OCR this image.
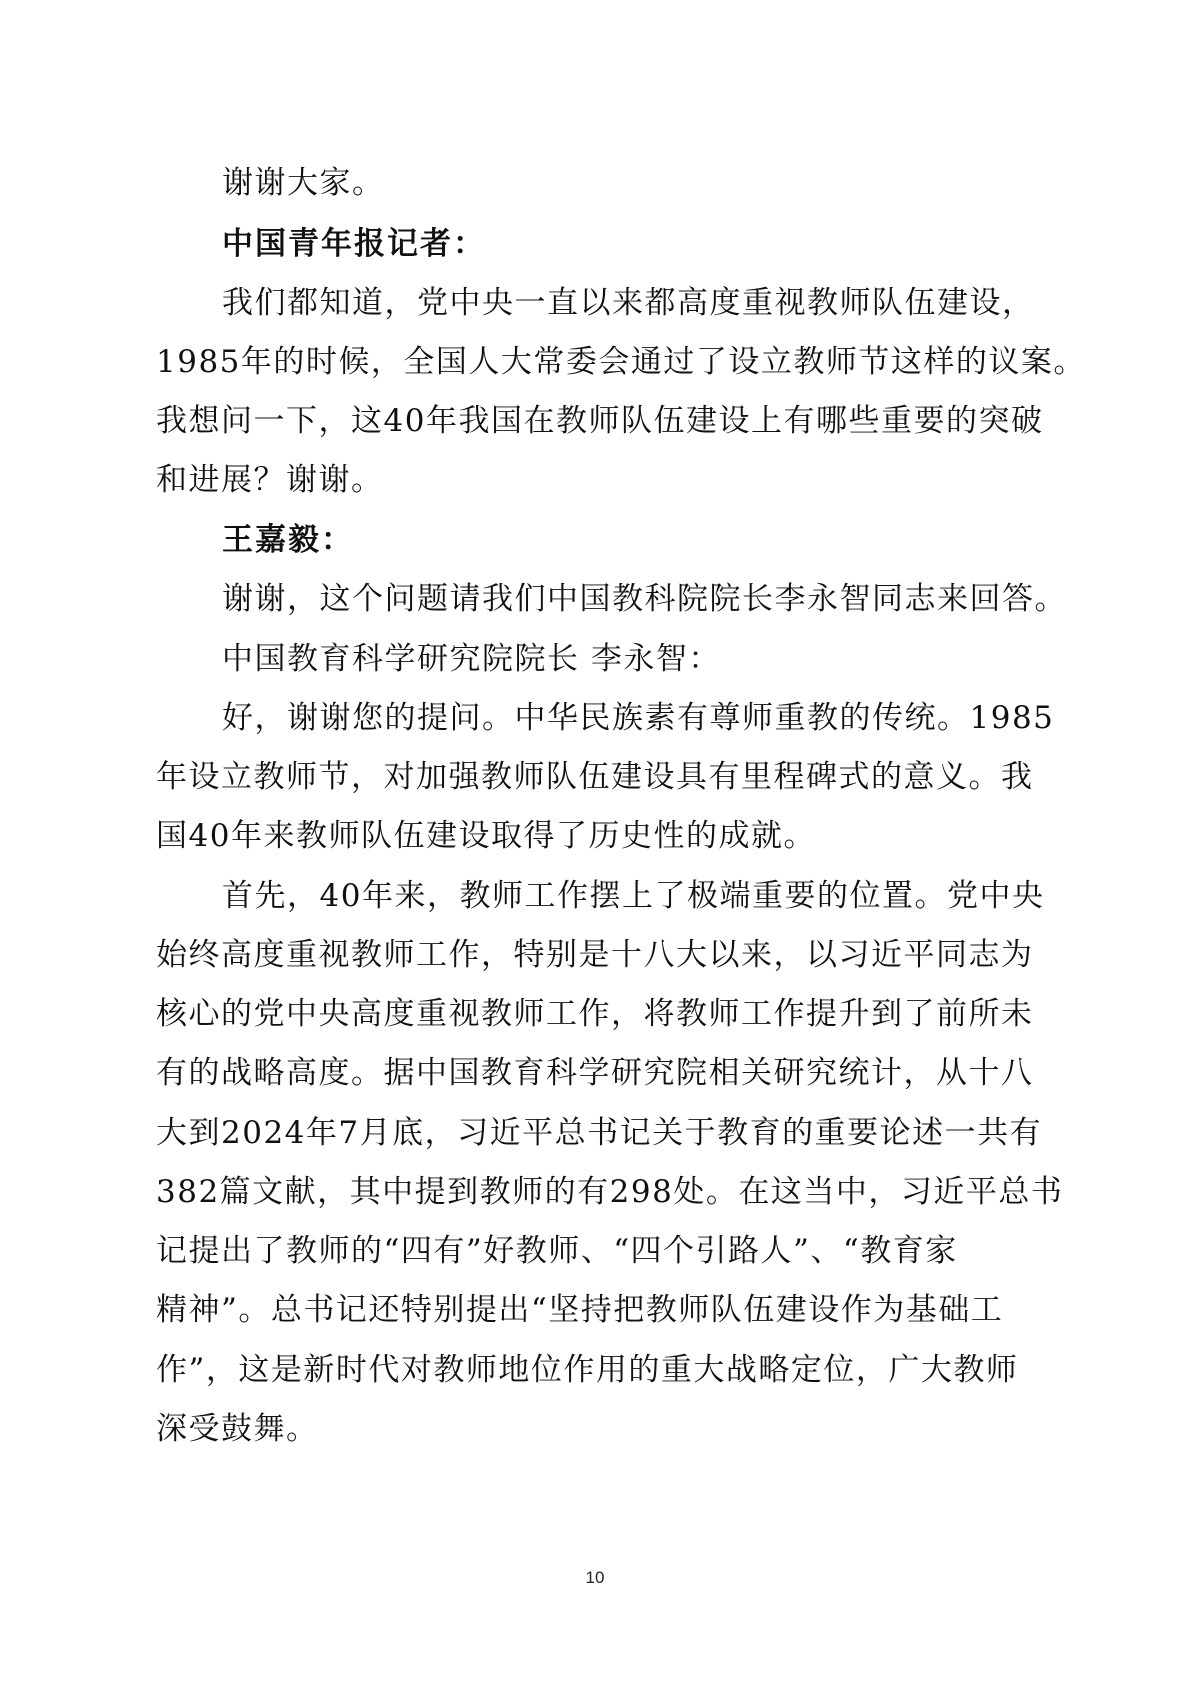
谢谢大家。
中国青年报记者：
我们都知道，党中央一直以来都高度重视教师队伍建设，
1985年的时候，全国人大常委会通过了设立教师节这样的议案。
我想问一下，这40年我国在教师队伍建设上有哪些重要的突破
和进展？谢谢。
王嘉毅：
谢谢，这个问题请我们中国教科院院长李永智同志来回答。
中国教育科学研究院院长 李永智：
好，谢谢您的提问。中华民族素有尊师重教的传统。1985
年设立教师节，对加强教师队伍建设具有里程碑式的意义。我
国40年来教师队伍建设取得了历史性的成就。
首先，40年来，教师工作摆上了极端重要的位置。党中央
始终高度重视教师工作，特别是十八大以来，以习近平同志为
核心的党中央高度重视教师工作，将教师工作提升到了前所未
有的战略高度。据中国教育科学研究院相关研究统计，从十八
大到2024年7月底，习近平总书记关于教育的重要论述一共有
382篇文献，其中提到教师的有298处。在这当中，习近平总书
记提出了教师的“四有”好教师、“四个引路人”、“教育家
精神”。总书记还特别提出“坚持把教师队伍建设作为基础工
作”，这是新时代对教师地位作用的重大战略定位，广大教师
深受鼓舞。
10
